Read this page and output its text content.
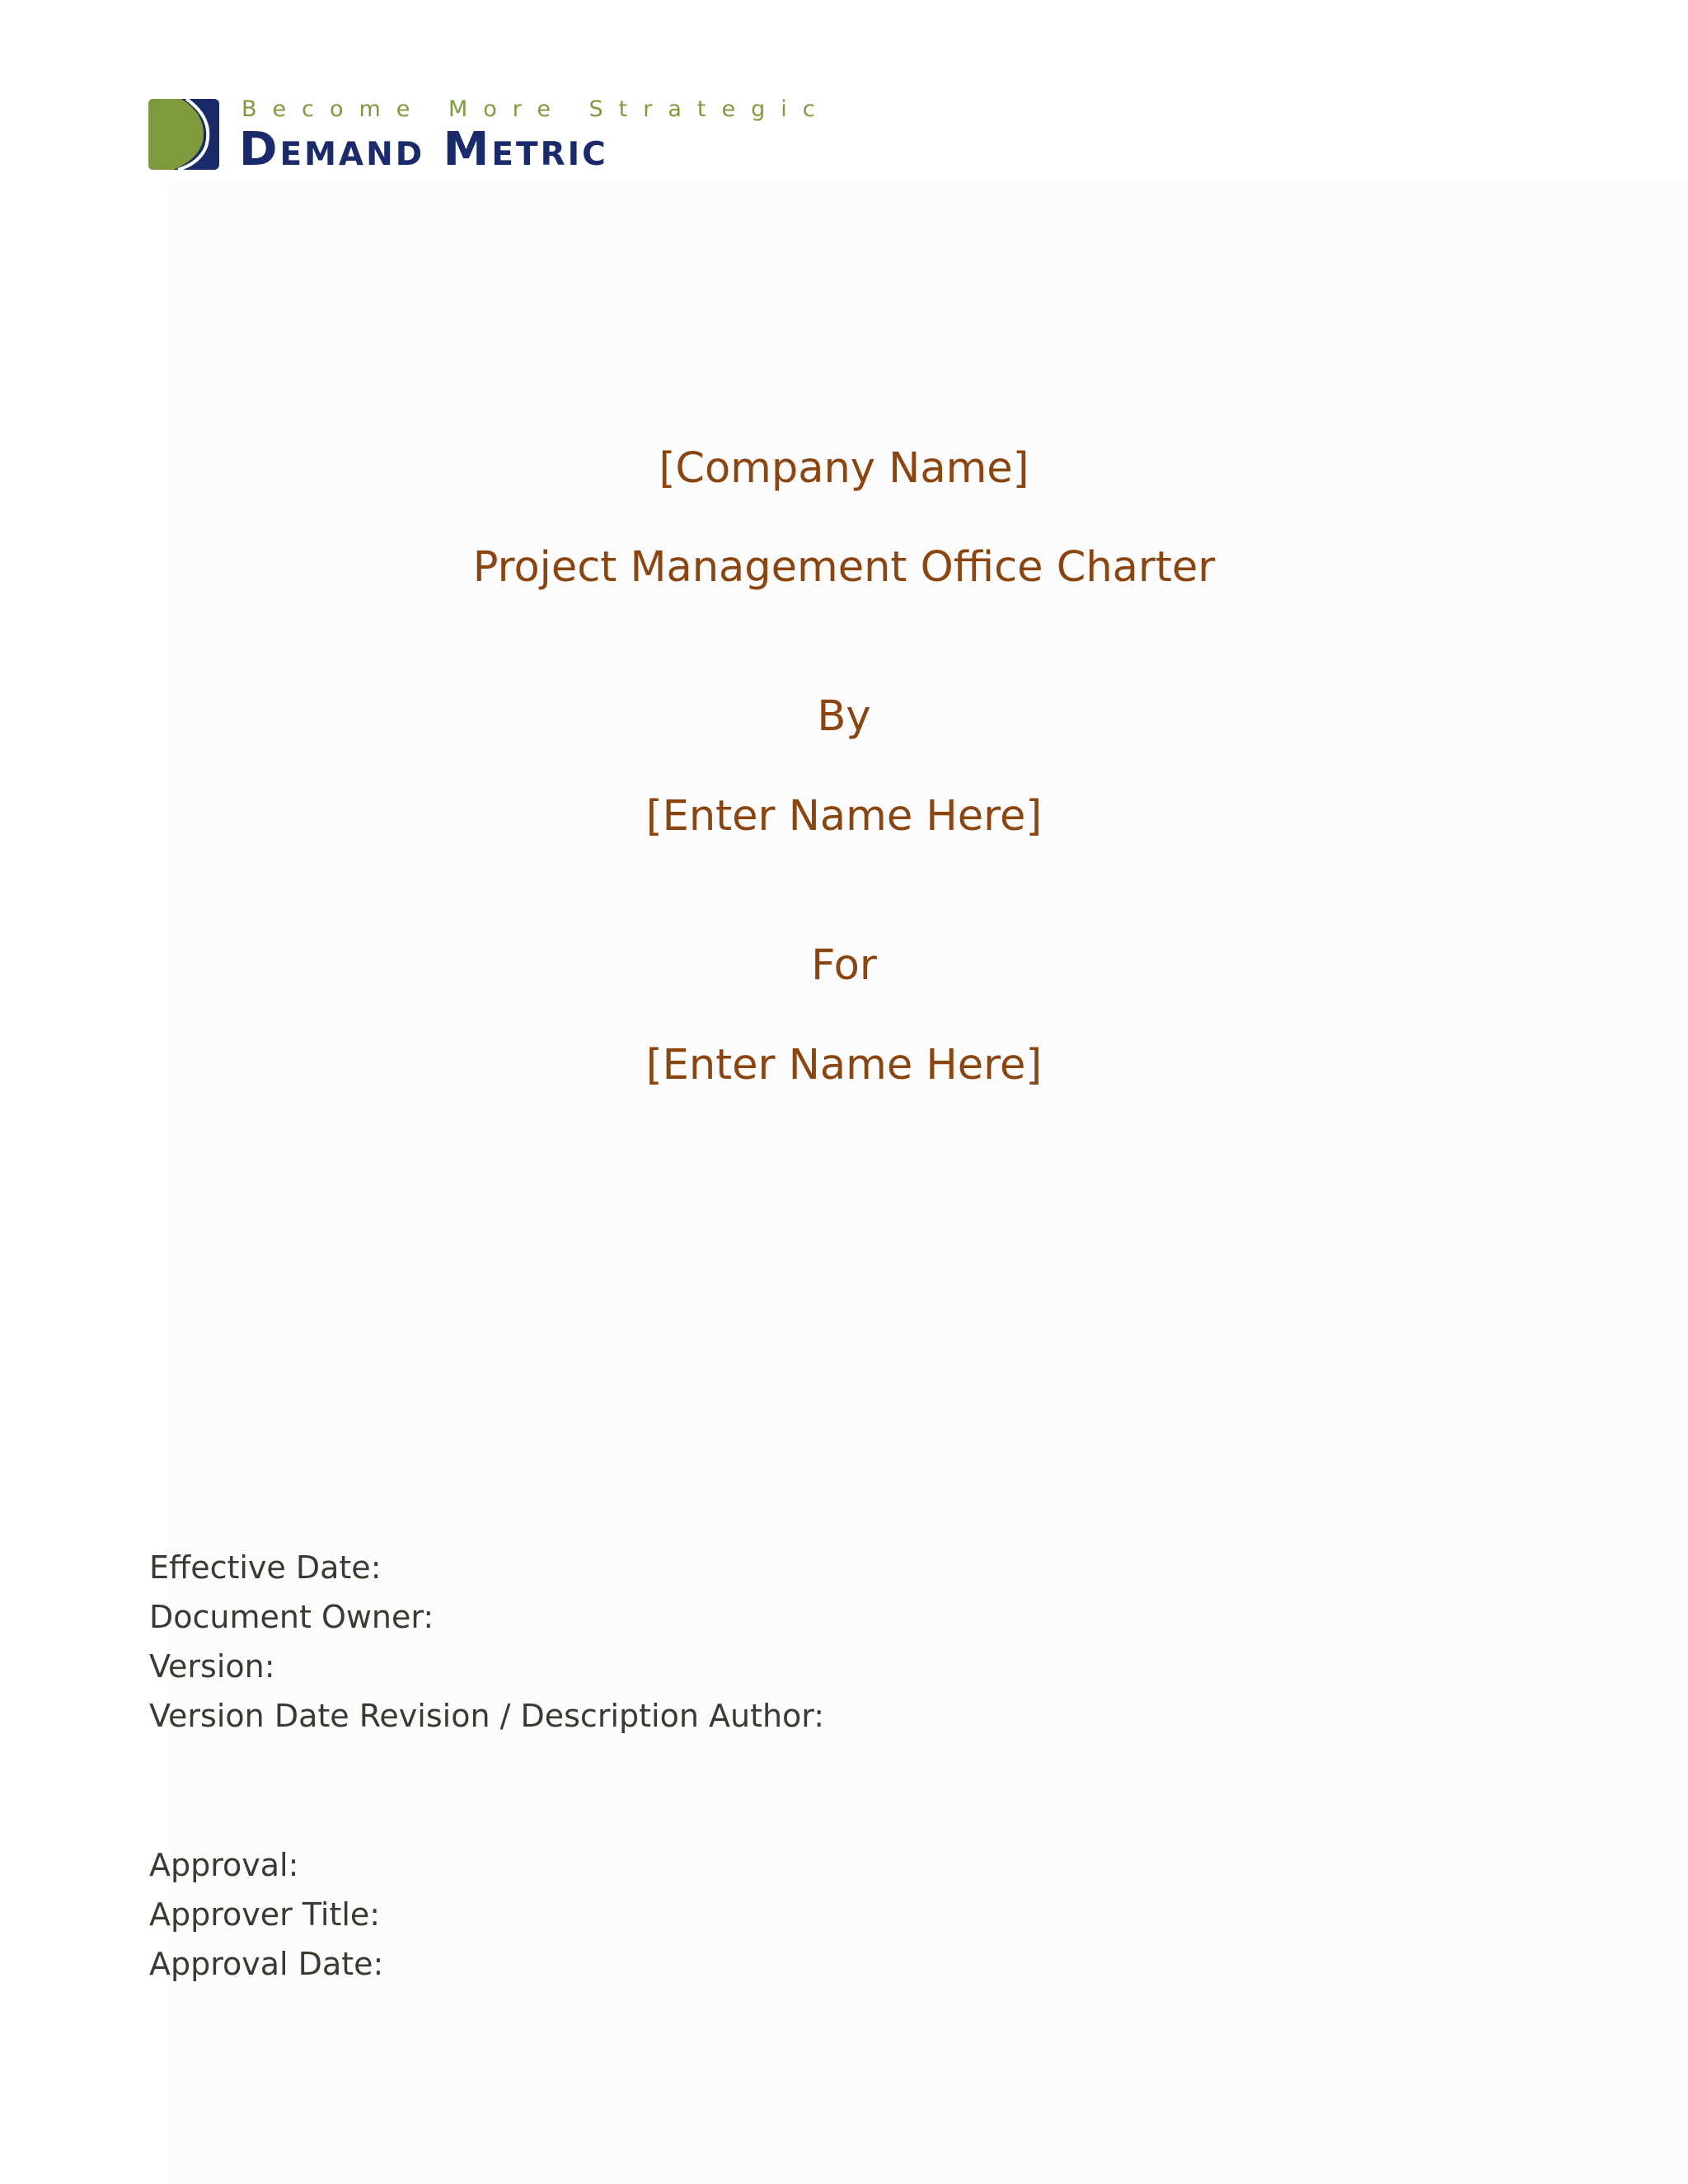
Become More Strategic
Demand Metric
[Company Name]
Project Management Office Charter
By
[Enter Name Here]
For
[Enter Name Here]
Effective Date:
Document Owner:
Version:
Version Date Revision / Description Author:
Approval:
Approver Title:
Approval Date:
